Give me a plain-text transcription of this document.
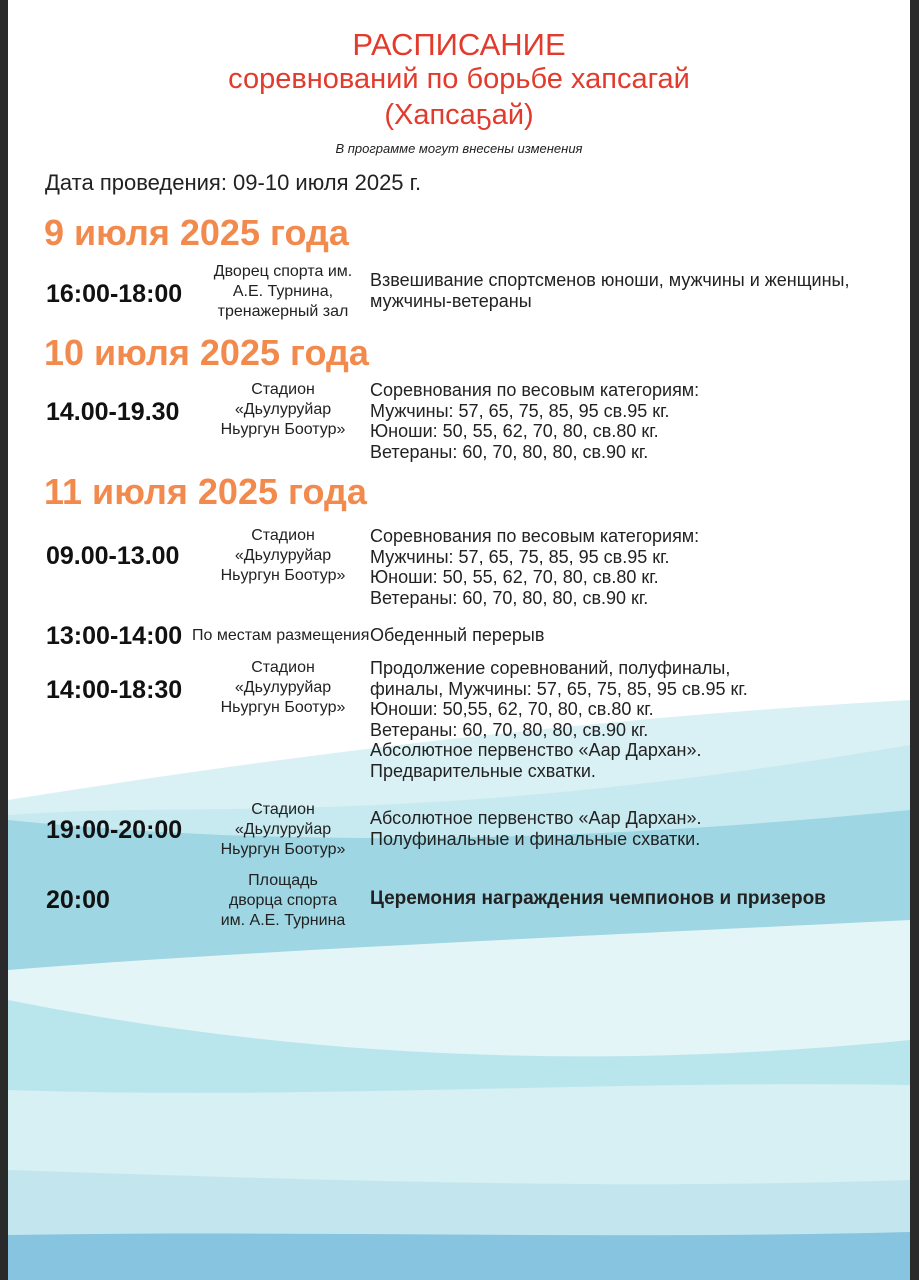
РАСПИСАНИЕ
соревнований по борьбе хапсагай
(Хапсаҕай)
В программе могут внесены изменения
Дата проведения: 09-10 июля 2025 г.
9 июля 2025 года
16:00-18:00
Дворец спорта им.
А.Е. Турнина,
тренажерный зал
Взвешивание спортсменов юноши, мужчины и женщины,
мужчины-ветераны
10 июля 2025 года
14.00-19.30
Стадион
«Дьулуруйар
Ньургун Боотур»
Соревнования по весовым категориям:
Мужчины: 57, 65, 75, 85, 95 св.95 кг.
Юноши: 50, 55, 62, 70, 80, св.80 кг.
Ветераны: 60, 70, 80, 80, св.90 кг.
11 июля 2025 года
09.00-13.00
Стадион
«Дьулуруйар
Ньургун Боотур»
Соревнования по весовым категориям:
Мужчины: 57, 65, 75, 85, 95 св.95 кг.
Юноши: 50, 55, 62, 70, 80, св.80 кг.
Ветераны: 60, 70, 80, 80, св.90 кг.
13:00-14:00 По местам размещения Обеденный перерыв
14:00-18:30
Стадион
«Дьулуруйар
Ньургун Боотур»
Продолжение соревнований, полуфиналы,
финалы, Мужчины: 57, 65, 75, 85, 95 св.95 кг.
Юноши: 50,55, 62, 70, 80, св.80 кг.
Ветераны: 60, 70, 80, 80, св.90 кг.
Абсолютное первенство «Аар Дархан».
Предварительные схватки.
19:00-20:00
Стадион
«Дьулуруйар
Ньургун Боотур»
Абсолютное первенство «Аар Дархан».
Полуфинальные и финальные схватки.
20:00
Площадь
дворца спорта
им. А.Е. Турнина
Церемония награждения чемпионов и призеров
